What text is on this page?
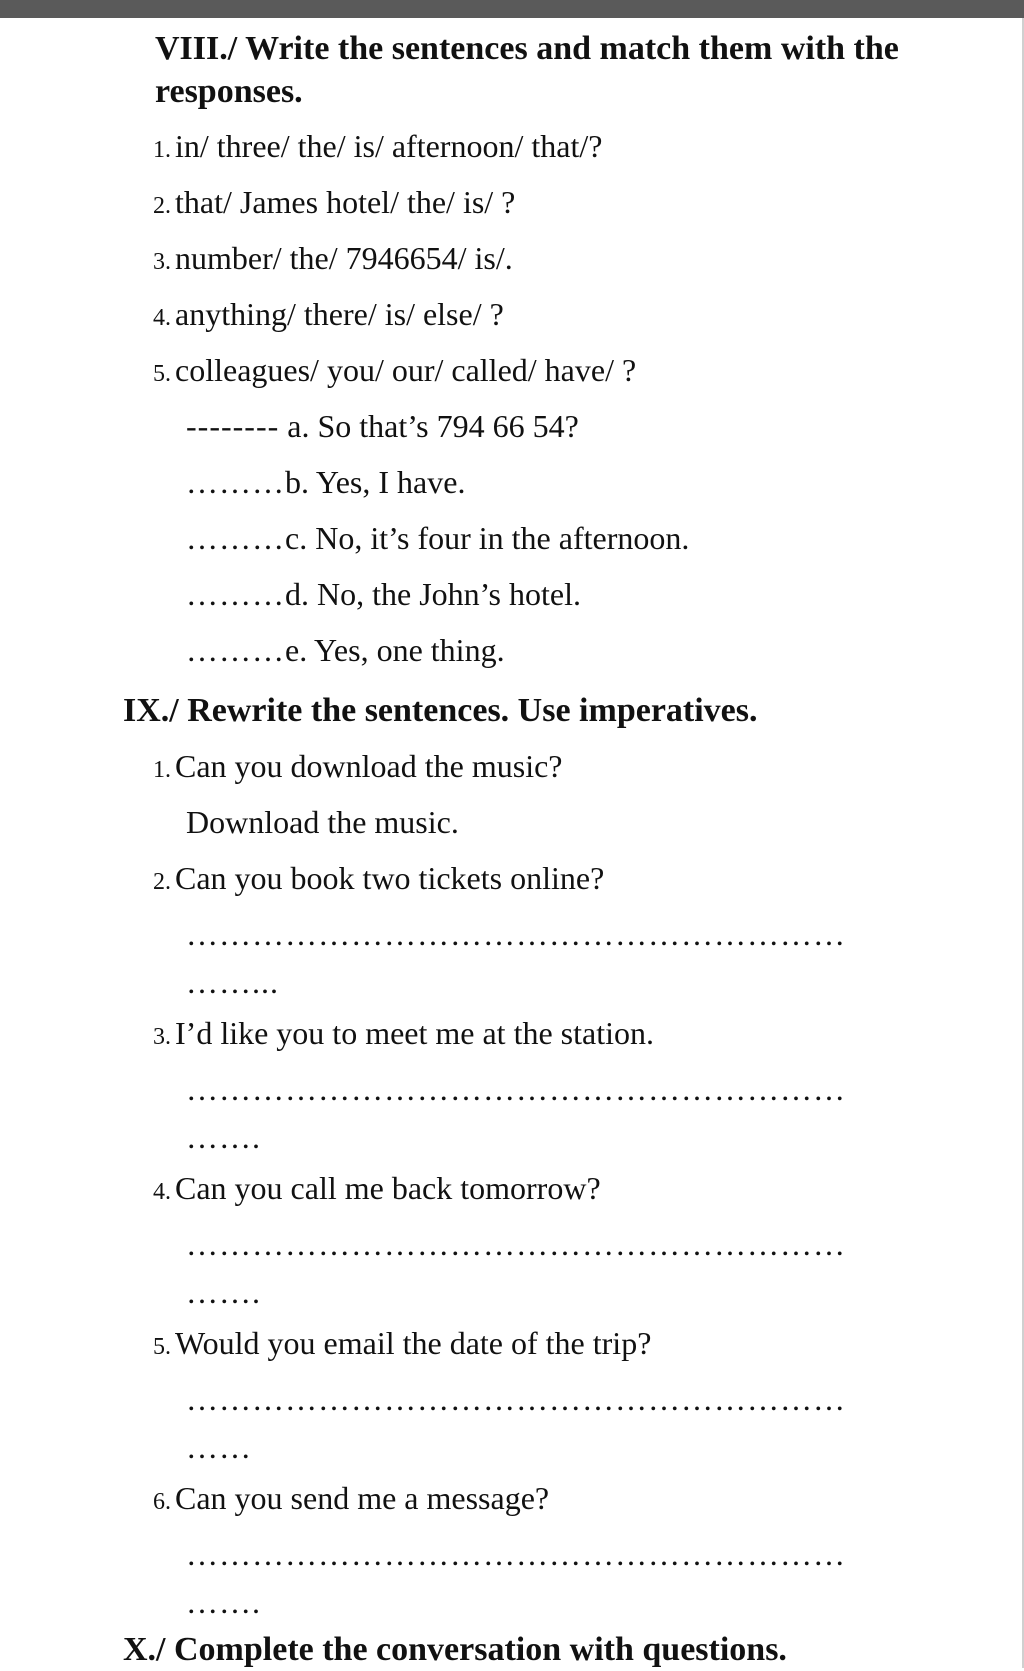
VIII./ Write the sentences and match them with the responses.
1. in/ three/ the/ is/ afternoon/ that/?
2. that/ James hotel/ the/ is/ ?
3. number/ the/ 7946654/ is/.
4. anything/ there/ is/ else/ ?
5. colleagues/ you/ our/ called/ have/ ?
-------- a. So that’s 794 66 54?
………b. Yes, I have.
………c. No, it’s four in the afternoon.
………d. No, the John’s hotel.
………e. Yes, one thing.
IX./ Rewrite the sentences. Use imperatives.
1. Can you download the music?
Download the music.
2. Can you book two tickets online?
……………………………………………………
……...
3. I’d like you to meet me at the station.
……………………………………………………
…….
4. Can you call me back tomorrow?
……………………………………………………
…….
5. Would you email the date of the trip?
……………………………………………………
……
6. Can you send me a message?
……………………………………………………
…….
X./ Complete the conversation with questions.
